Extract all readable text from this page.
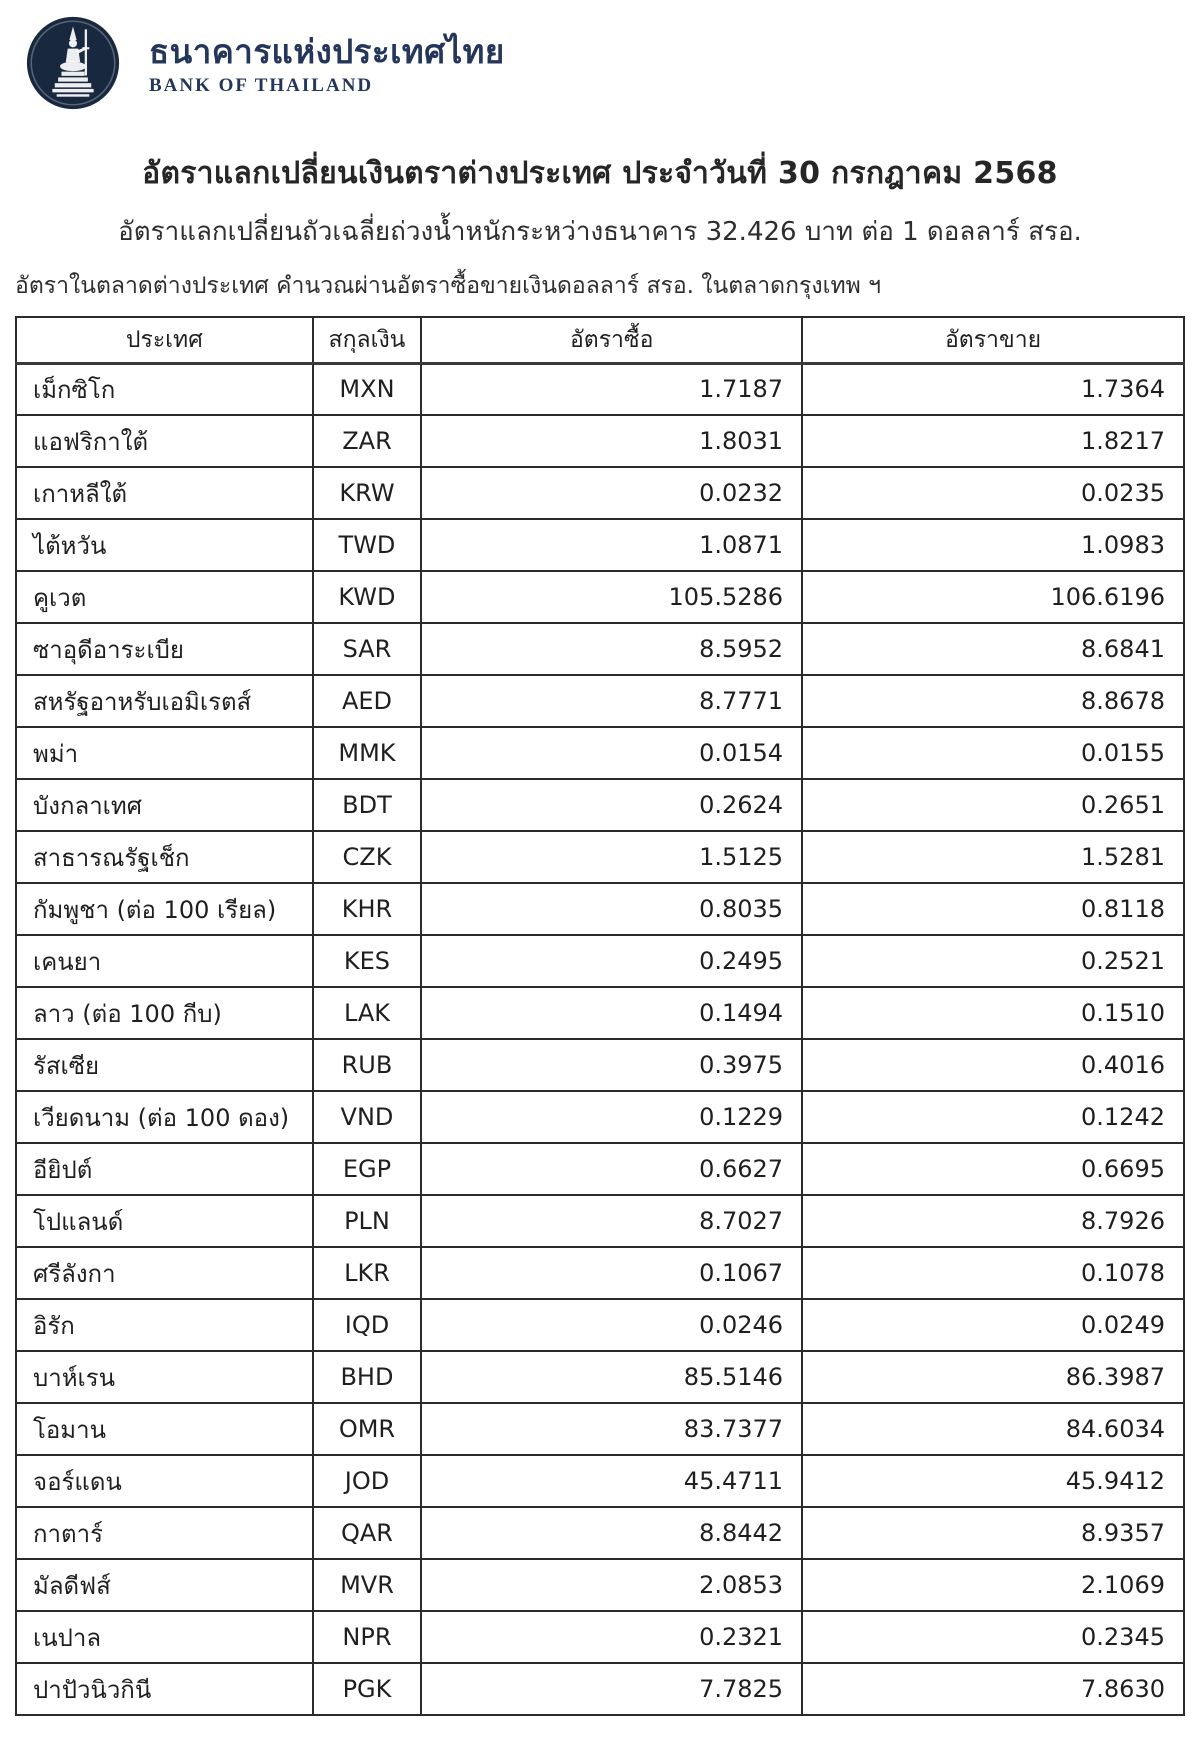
ธนาคารแห่งประเทศไทย
BANK OF THAILAND
อัตราแลกเปลี่ยนเงินตราต่างประเทศ ประจำวันที่ 30 กรกฎาคม 2568
อัตราแลกเปลี่ยนถัวเฉลี่ยถ่วงน้ำหนักระหว่างธนาคาร 32.426 บาท ต่อ 1 ดอลลาร์ สรอ.
อัตราในตลาดต่างประเทศ คำนวณผ่านอัตราซื้อขายเงินดอลลาร์ สรอ. ในตลาดกรุงเทพ ฯ
ประเทศ	สกุลเงิน	อัตราซื้อ	อัตราขาย
เม็กซิโก	MXN	1.7187	1.7364
แอฟริกาใต้	ZAR	1.8031	1.8217
เกาหลีใต้	KRW	0.0232	0.0235
ไต้หวัน	TWD	1.0871	1.0983
คูเวต	KWD	105.5286	106.6196
ซาอุดีอาระเบีย	SAR	8.5952	8.6841
สหรัฐอาหรับเอมิเรตส์	AED	8.7771	8.8678
พม่า	MMK	0.0154	0.0155
บังกลาเทศ	BDT	0.2624	0.2651
สาธารณรัฐเช็ก	CZK	1.5125	1.5281
กัมพูชา (ต่อ 100 เรียล)	KHR	0.8035	0.8118
เคนยา	KES	0.2495	0.2521
ลาว (ต่อ 100 กีบ)	LAK	0.1494	0.1510
รัสเซีย	RUB	0.3975	0.4016
เวียดนาม (ต่อ 100 ดอง)	VND	0.1229	0.1242
อียิปต์	EGP	0.6627	0.6695
โปแลนด์	PLN	8.7027	8.7926
ศรีลังกา	LKR	0.1067	0.1078
อิรัก	IQD	0.0246	0.0249
บาห์เรน	BHD	85.5146	86.3987
โอมาน	OMR	83.7377	84.6034
จอร์แดน	JOD	45.4711	45.9412
กาตาร์	QAR	8.8442	8.9357
มัลดีฟส์	MVR	2.0853	2.1069
เนปาล	NPR	0.2321	0.2345
ปาปัวนิวกินี	PGK	7.7825	7.8630
